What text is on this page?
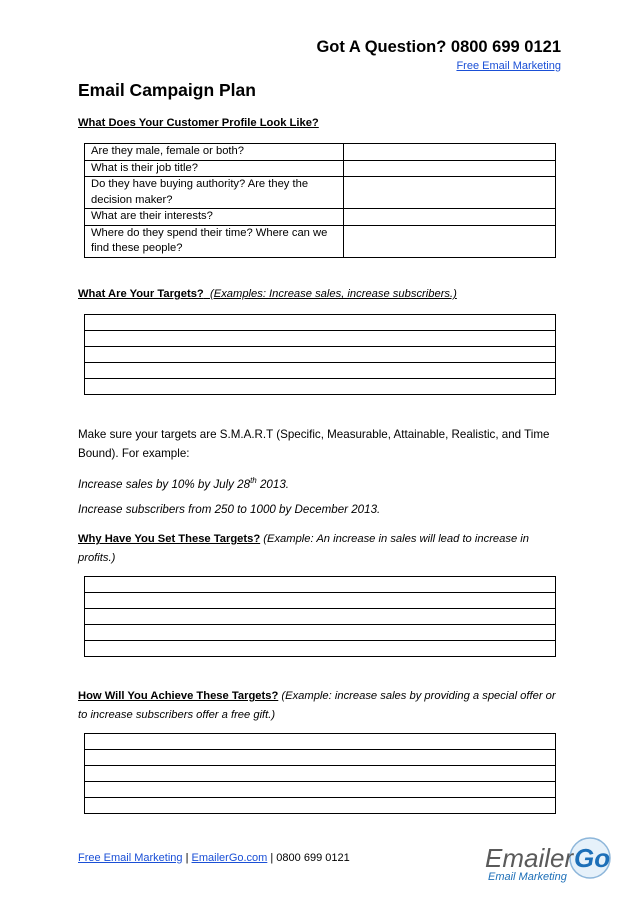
Got A Question? 0800 699 0121
Free Email Marketing
Email Campaign Plan
What Does Your Customer Profile Look Like?
Are they male, female or both?	
What is their job title?	
Do they have buying authority? Are they the decision maker?	
What are their interests?	
Where do they spend their time? Where can we find these people?	
What Are Your Targets? (Examples: Increase sales, increase subscribers.)

Make sure your targets are S.M.A.R.T (Specific, Measurable, Attainable, Realistic, and Time Bound). For example:
Increase sales by 10% by July 28th 2013.
Increase subscribers from 250 to 1000 by December 2013.
Why Have You Set These Targets? (Example: An increase in sales will lead to increase in profits.)

How Will You Achieve These Targets? (Example: increase sales by providing a special offer or to increase subscribers offer a free gift.)

Free Email Marketing | EmailerGo.com | 0800 699 0121	Emailer Go
Email Marketing
